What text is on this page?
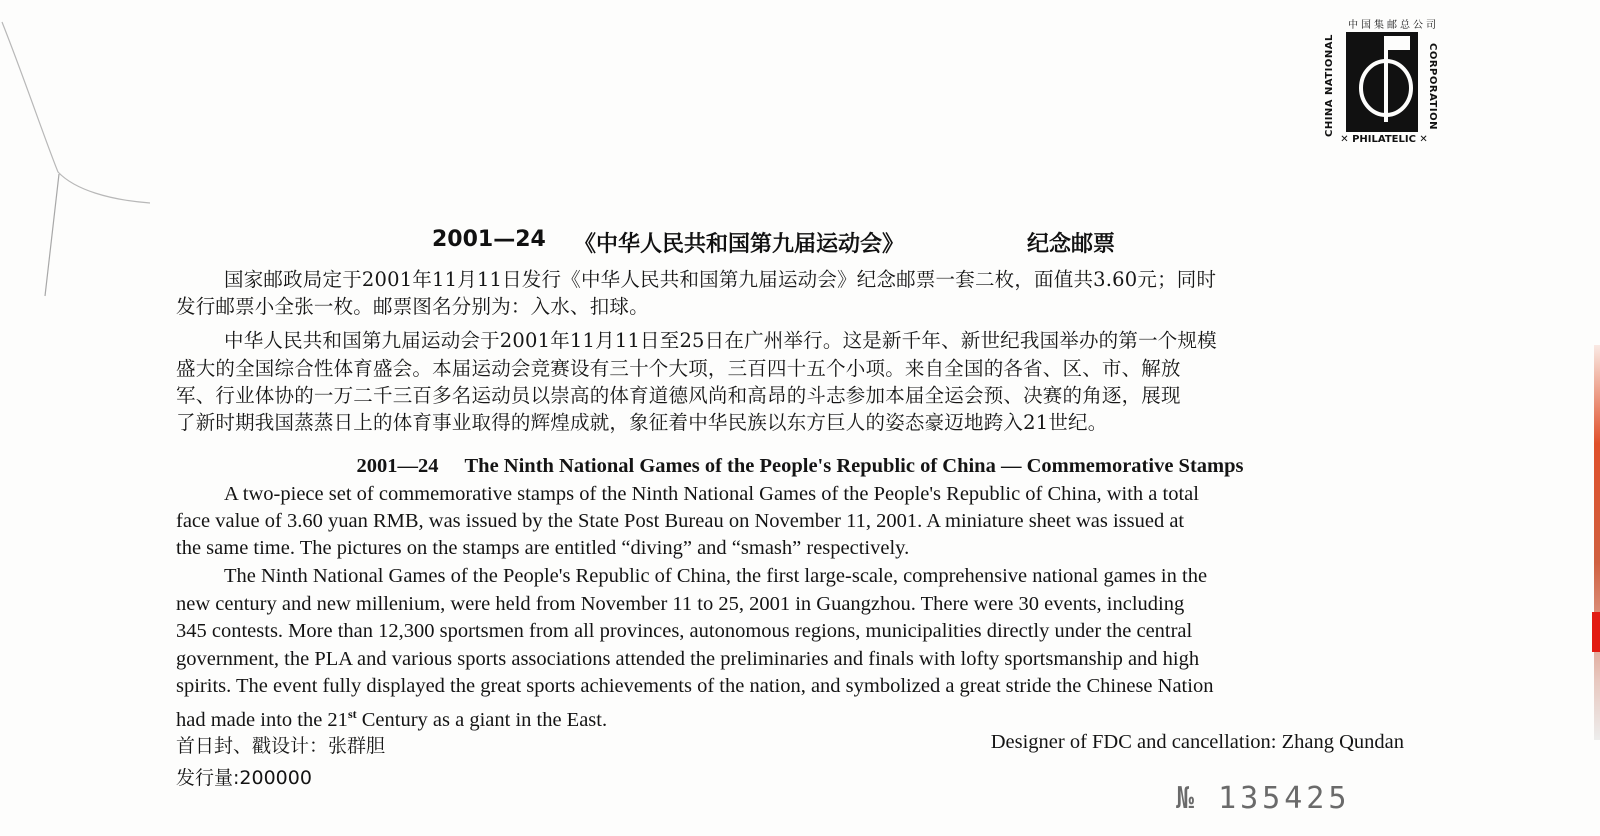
中国集邮总公司
CHINA NATIONAL	CORPORATION
✕ PHILATELIC ✕
2001—24 《中华人民共和国第九届运动会》	纪念邮票
国家邮政局定于2001年11月11日发行《中华人民共和国第九届运动会》纪念邮票一套二枚，面值共3.60元；同时
发行邮票小全张一枚。邮票图名分别为：入水、扣球。
中华人民共和国第九届运动会于2001年11月11日至25日在广州举行。这是新千年、新世纪我国举办的第一个规模
盛大的全国综合性体育盛会。本届运动会竞赛设有三十个大项，三百四十五个小项。来自全国的各省、区、市、解放
军、行业体协的一万二千三百多名运动员以崇高的体育道德风尚和高昂的斗志参加本届全运会预、决赛的角逐，展现
了新时期我国蒸蒸日上的体育事业取得的辉煌成就，象征着中华民族以东方巨人的姿态豪迈地跨入21世纪。
2001—24 The Ninth National Games of the People's Republic of China — Commemorative Stamps
A two-piece set of commemorative stamps of the Ninth National Games of the People's Republic of China, with a total
face value of 3.60 yuan RMB, was issued by the State Post Bureau on November 11, 2001. A miniature sheet was issued at
the same time. The pictures on the stamps are entitled “diving” and “smash” respectively.
The Ninth National Games of the People's Republic of China, the first large-scale, comprehensive national games in the
new century and new millenium, were held from November 11 to 25, 2001 in Guangzhou. There were 30 events, including
345 contests. More than 12,300 sportsmen from all provinces, autonomous regions, municipalities directly under the central
government, the PLA and various sports associations attended the preliminaries and finals with lofty sportsmanship and high
spirits. The event fully displayed the great sports achievements of the nation, and symbolized a great stride the Chinese Nation
had made into the 21st Century as a giant in the East.
首日封、戳设计：张群胆
发行量:200000
Designer of FDC and cancellation: Zhang Qundan
№ 135425
